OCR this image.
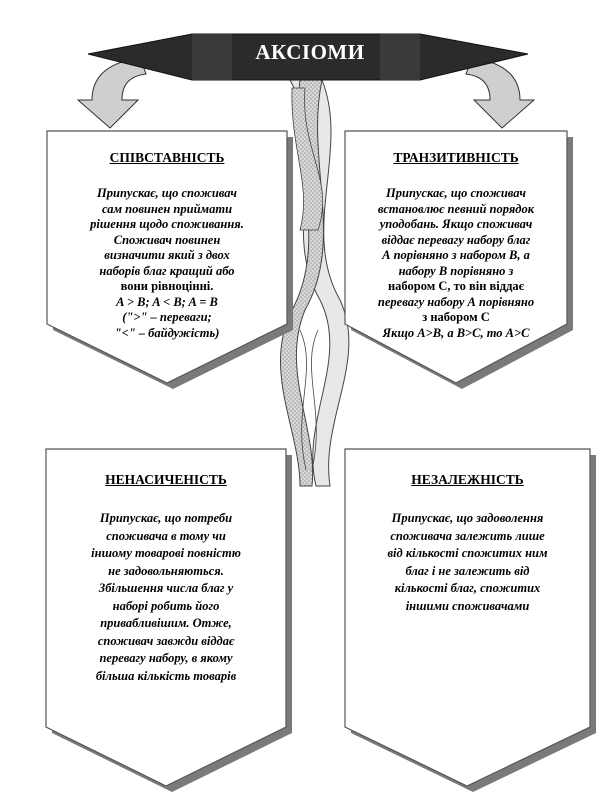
АКСІОМИ
СПІВСТАВНІСТЬ
Припускає, що споживач
сам повинен приймати
рішення щодо споживання.
Споживач повинен
визначити який з двох
наборів благ кращий або
вони рівноцінні.
A > B; A < B; A = B
(">" – переваги;
"<" – байдужість)
ТРАНЗИТИВНІСТЬ
Припускає, що споживач
встановлює певний порядок
уподобань. Якщо споживач
віддає перевагу набору благ
А порівняно з набором В, а
набору В порівняно з
набором С, то він віддає
перевагу набору А порівняно
з набором С
Якщо A>B, а B>C, то A>C
НЕНАСИЧЕНІСТЬ
Припускає, що потреби
споживача в тому чи
іншому товарові повністю
не задовольняються.
Збільшення числа благ у
наборі робить його
привабливішим. Отже,
споживач завжди віддає
перевагу набору, в якому
більша кількість товарів
НЕЗАЛЕЖНІСТЬ
Припускає, що задоволення
споживача залежить лише
від кількості спожитих ним
благ і не залежить від
кількості благ, спожитих
іншими споживачами
